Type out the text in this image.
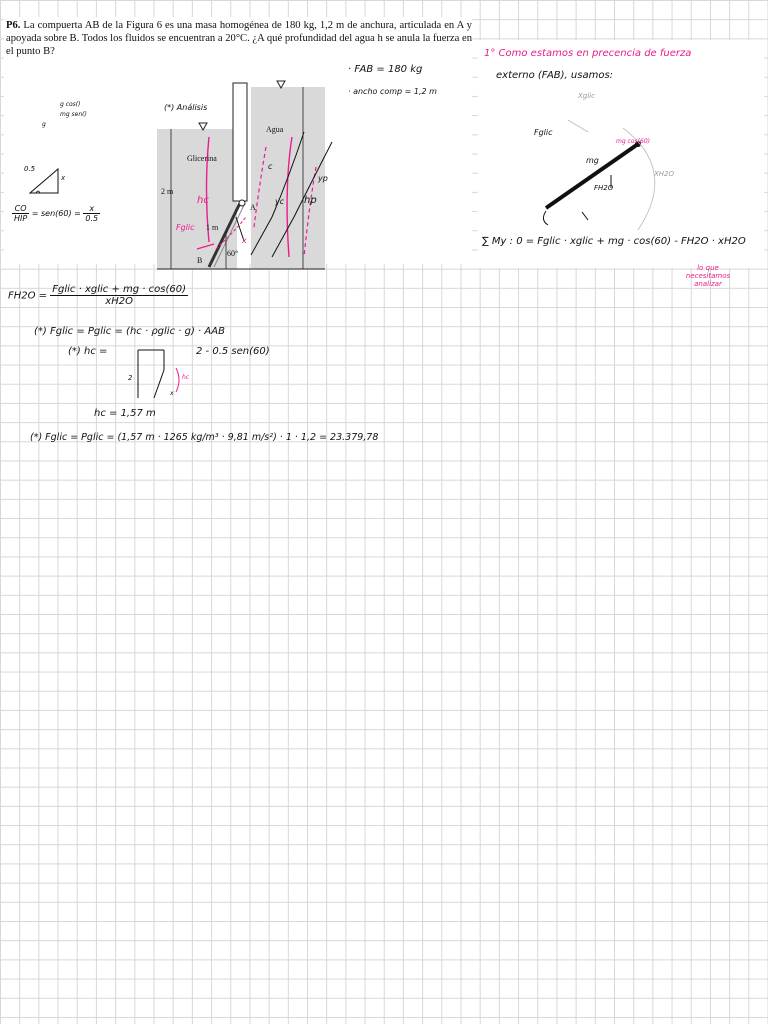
P6. La compuerta AB de la Figura 6 es una masa homogénea de 180 kg, 1,2 m de anchura, articulada en A y apoyada sobre B. Todos los fluidos se encuentran a 20°C. ¿A qué profundidad del agua h se anula la fuerza en el punto B?
(*) Análisis
Agua
Glicerina
2 m
1 m
60°
B
A
hc
Fglic
c
yc
yp
hp
x
· FAB = 180 kg
· ancho comp = 1,2 m
g cos()
mg sen()
g
0.5
x
$\frac{CO}{\text{HIP}} = sen(60) = \frac{x}{0.5}$
1° Como estamos en precencia de fuerza
externo (FAB), usamos:
Xglic
Fglic
mg cos(60)
mg
FH2O
XH2O
∑ My : 0 = Fglic · xglic + mg · cos(60) - FH2O · xH2O
lo que necesitamos analizar
$FH2O = \frac{\text{Fglic · xglic + mg · cos(60)}}{xH2O}$
(*) Fglic = Pglic = (hc · ρglic · g) · AAB
(*) hc =	2 - 0.5 sen(60)
2	hc
x
hc = 1,57 m
(*) Fglic = Pglic = (1,57 m · 1265 kg/m³ · 9,81 m/s²) · 1 · 1,2 = 23.379,78
